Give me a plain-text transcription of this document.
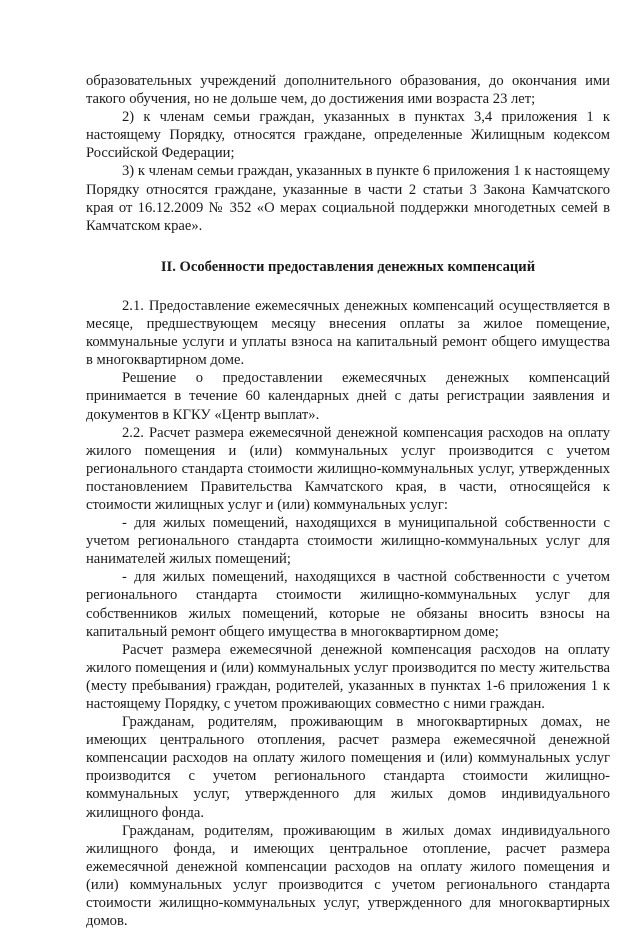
образовательных учреждений дополнительного образования, до окончания ими такого обучения, но не дольше чем, до достижения ими возраста 23 лет;

2) к членам семьи граждан, указанных в пунктах 3,4 приложения 1 к настоящему Порядку, относятся граждане, определенные Жилищным кодексом Российской Федерации;

3) к членам семьи граждан, указанных в пункте 6 приложения 1 к настоящему Порядку относятся граждане, указанные в части 2 статьи 3 Закона Камчатского края от 16.12.2009 № 352 «О мерах социальной поддержки многодетных семей в Камчатском крае».

II. Особенности предоставления денежных компенсаций

2.1. Предоставление ежемесячных денежных компенсаций осуществляется в месяце, предшествующем месяцу внесения оплаты за жилое помещение, коммунальные услуги и уплаты взноса на капитальный ремонт общего имущества в многоквартирном доме.

Решение о предоставлении ежемесячных денежных компенсаций принимается в течение 60 календарных дней с даты регистрации заявления и документов в КГКУ «Центр выплат».

2.2. Расчет размера ежемесячной денежной компенсация расходов на оплату жилого помещения и (или) коммунальных услуг производится с учетом регионального стандарта стоимости жилищно-коммунальных услуг, утвержденных постановлением Правительства Камчатского края, в части, относящейся к стоимости жилищных услуг и (или) коммунальных услуг:

- для жилых помещений, находящихся в муниципальной собственности с учетом регионального стандарта стоимости жилищно-коммунальных услуг для нанимателей жилых помещений;

- для жилых помещений, находящихся в частной собственности с учетом регионального стандарта стоимости жилищно-коммунальных услуг для собственников жилых помещений, которые не обязаны вносить взносы на капитальный ремонт общего имущества в многоквартирном доме;

Расчет размера ежемесячной денежной компенсация расходов на оплату жилого помещения и (или) коммунальных услуг производится по месту жительства (месту пребывания) граждан, родителей, указанных в пунктах 1-6 приложения 1 к настоящему Порядку, с учетом проживающих совместно с ними граждан.

Гражданам, родителям, проживающим в многоквартирных домах, не имеющих центрального отопления, расчет размера ежемесячной денежной компенсации расходов на оплату жилого помещения и (или) коммунальных услуг производится с учетом регионального стандарта стоимости жилищно-коммунальных услуг, утвержденного для жилых домов индивидуального жилищного фонда.

Гражданам, родителям, проживающим в жилых домах индивидуального жилищного фонда, и имеющих центральное отопление, расчет размера ежемесячной денежной компенсации расходов на оплату жилого помещения и (или) коммунальных услуг производится с учетом регионального стандарта стоимости жилищно-коммунальных услуг, утвержденного для многоквартирных домов.
